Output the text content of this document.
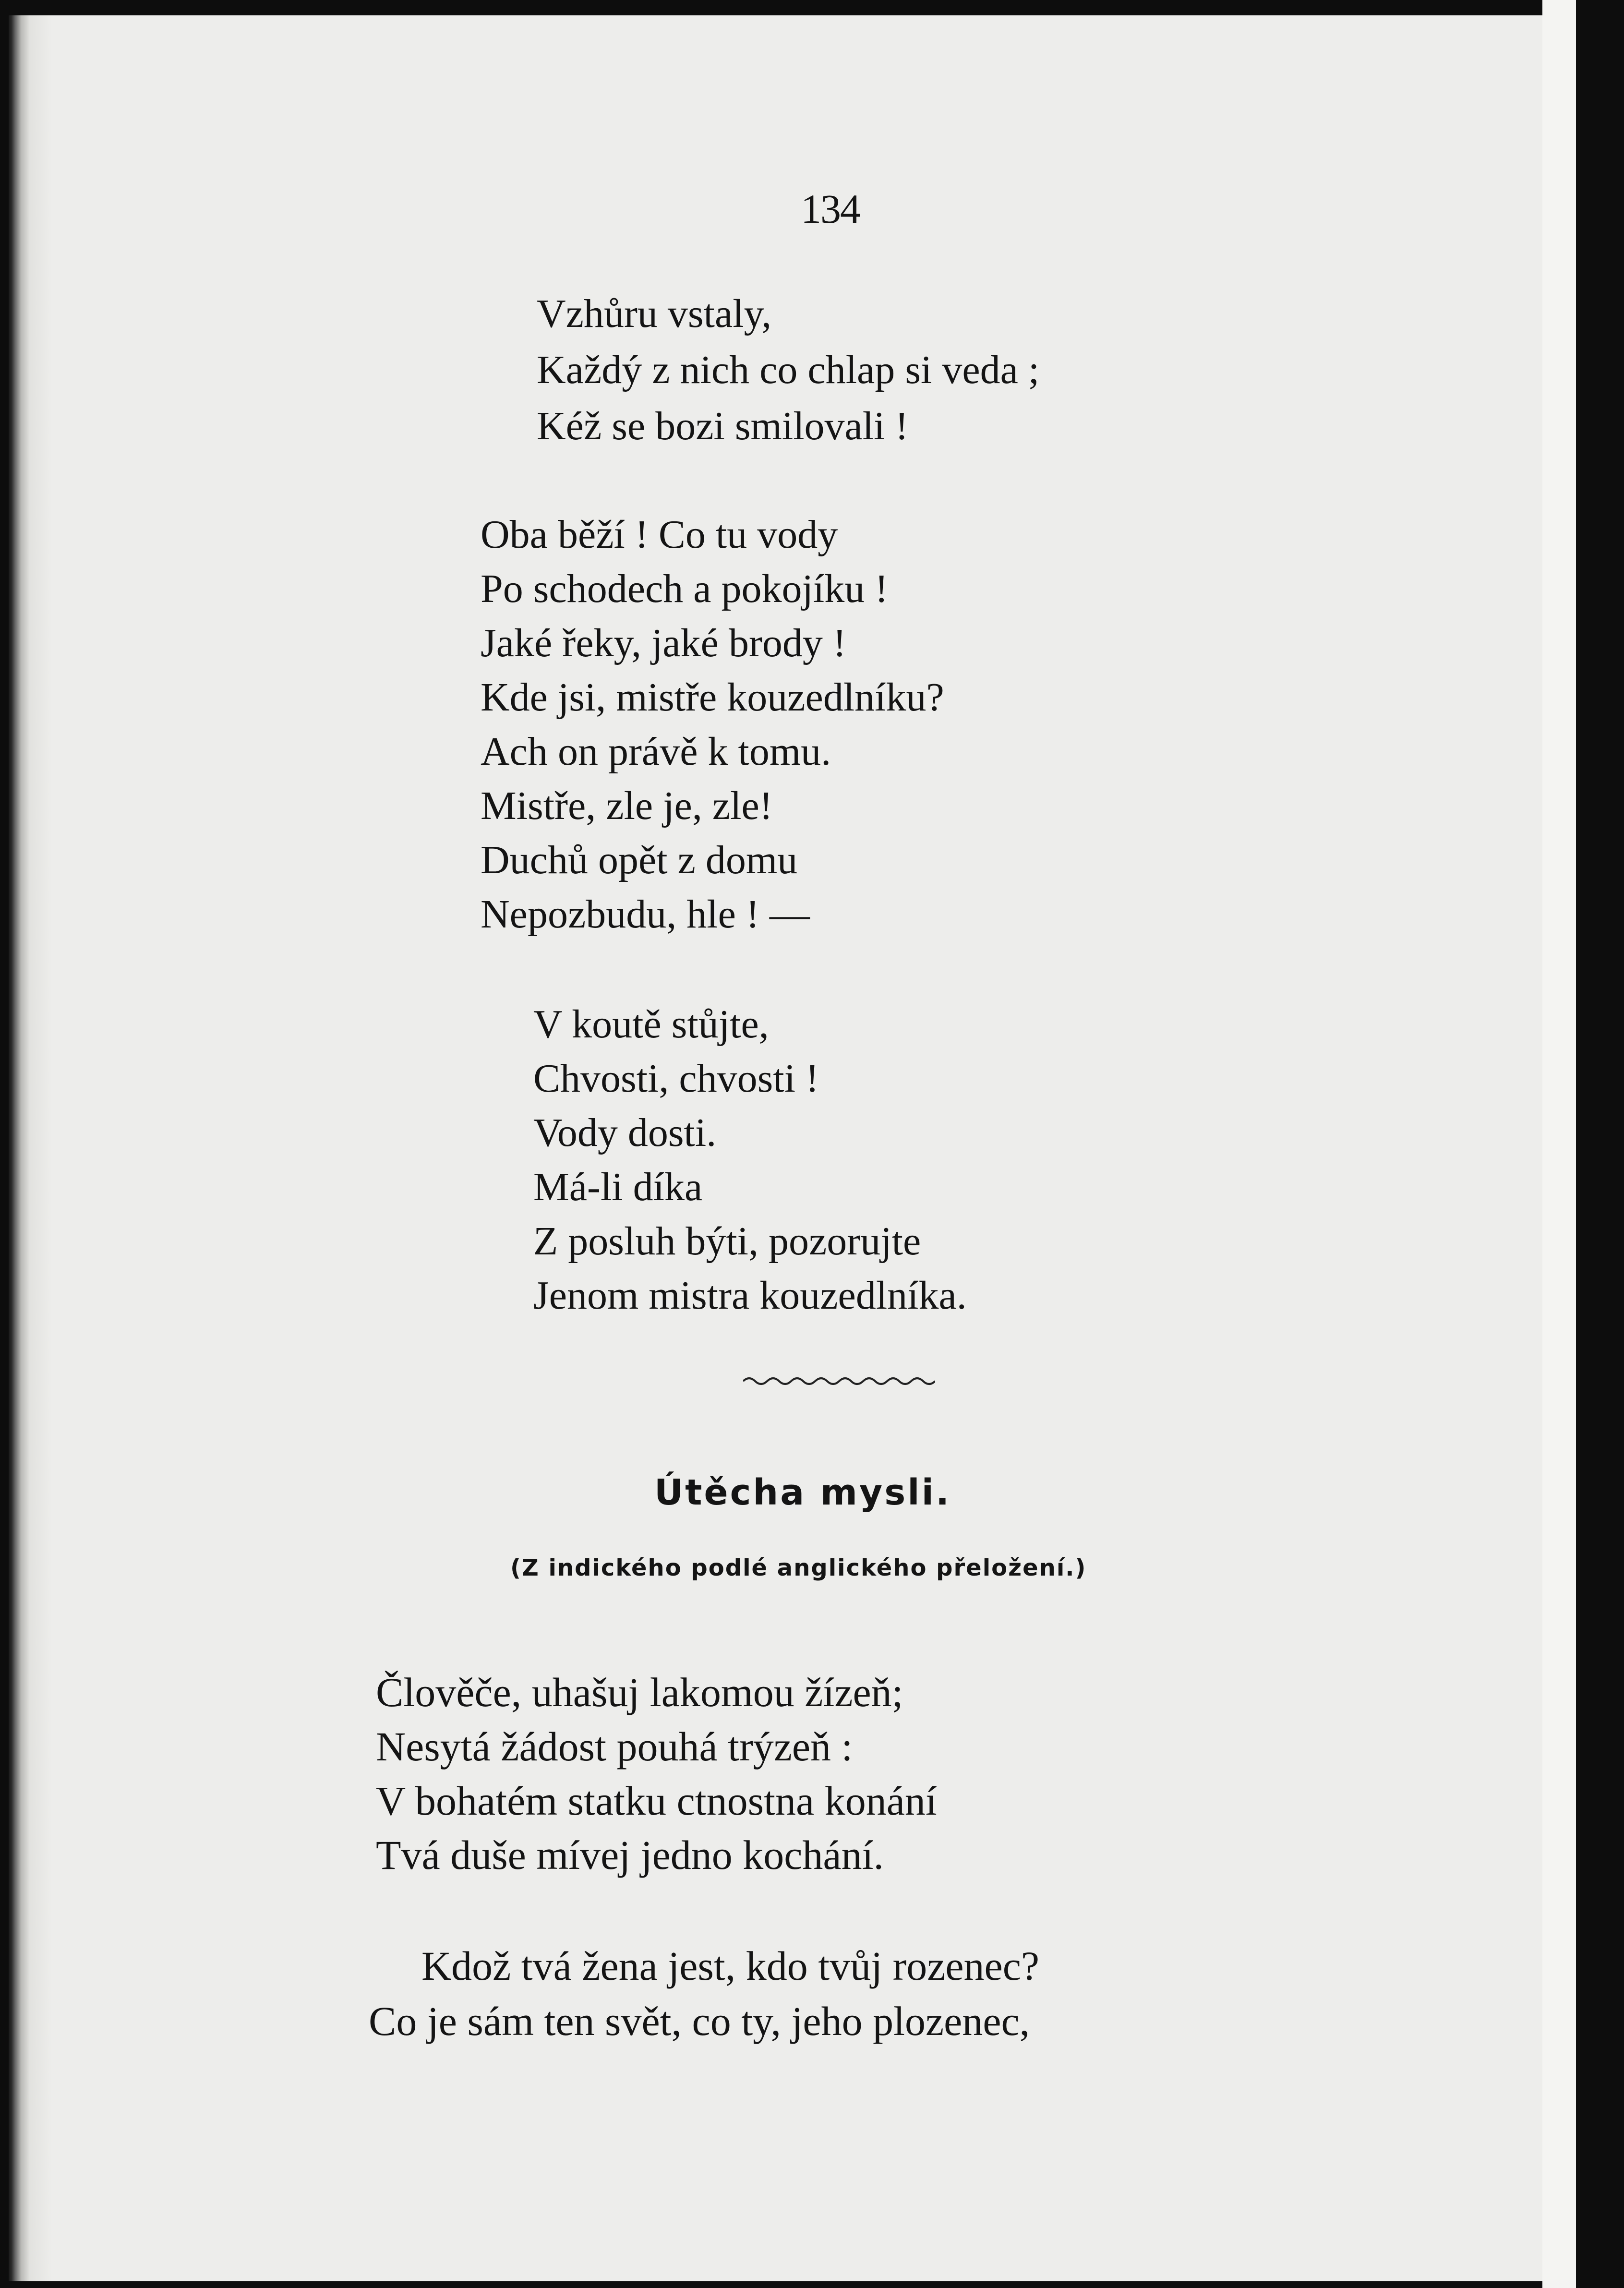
134
Vzhůru vstaly,
Každý z nich co chlap si veda ;
Kéž se bozi smilovali !
Oba běží ! Co tu vody
Po schodech a pokojíku !
Jaké řeky, jaké brody !
Kde jsi, mistře kouzedlníku?
Ach on právě k tomu.
Mistře, zle je, zle!
Duchů opět z domu
Nepozbudu, hle ! —
V koutě stůjte,
Chvosti, chvosti !
Vody dosti.
Má-li díka
Z posluh býti, pozorujte
Jenom mistra kouzedlníka.
Útěcha mysli.
(Z indického podlé anglického přeložení.)
Člověče, uhašuj lakomou žízeň;
Nesytá žádost pouhá trýzeň :
V bohatém statku ctnostna konání
Tvá duše mívej jedno kochání.
Kdož tvá žena jest, kdo tvůj rozenec?
Co je sám ten svět, co ty, jeho plozenec,
